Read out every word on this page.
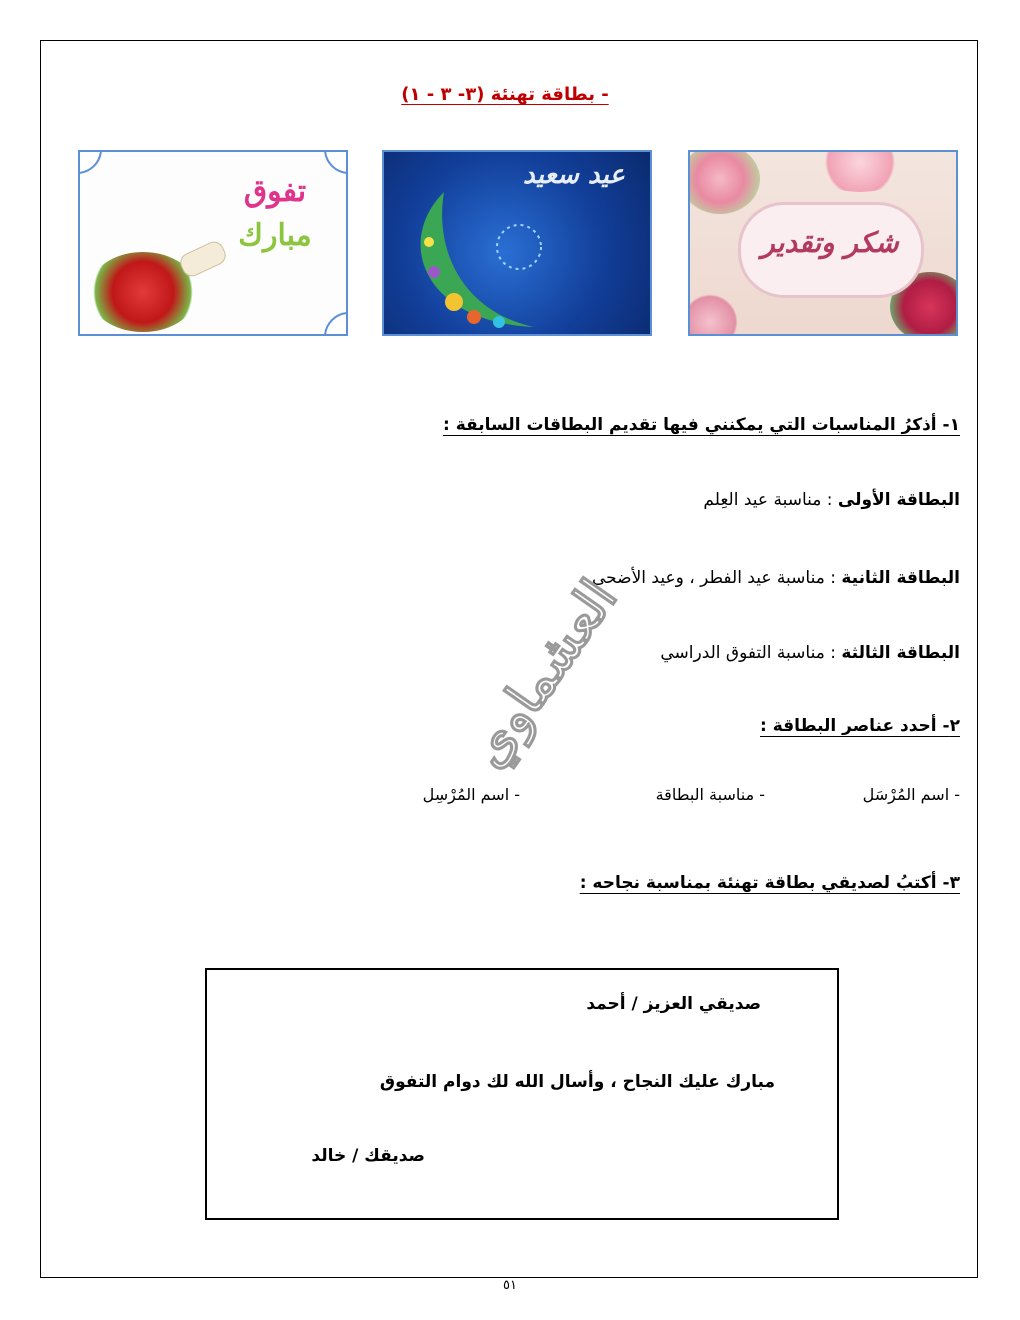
- بطاقة تهنئة (٣- ٣ - ١)
شكر وتقدير
عيد سعيد
تفوق
مبارك
١- أذكرُ المناسبات التي يمكنني فيها تقديم البطاقات السابقة :
البطاقة الأولى : مناسبة عيد العِلم
البطاقة الثانية : مناسبة عيد الفطر ، وعيد الأضحى
البطاقة الثالثة : مناسبة التفوق الدراسي
٢- أحدد عناصر البطاقة :
- اسم المُرْسَل
- مناسبة البطاقة
- اسم المُرْسِل
٣- أكتبُ لصديقي بطاقة تهنئة بمناسبة نجاحه :
صديقي العزيز / أحمد
مبارك عليك النجاح ، وأسال الله لك دوام التفوق
صديقك / خالد
العشماوي
٥١
